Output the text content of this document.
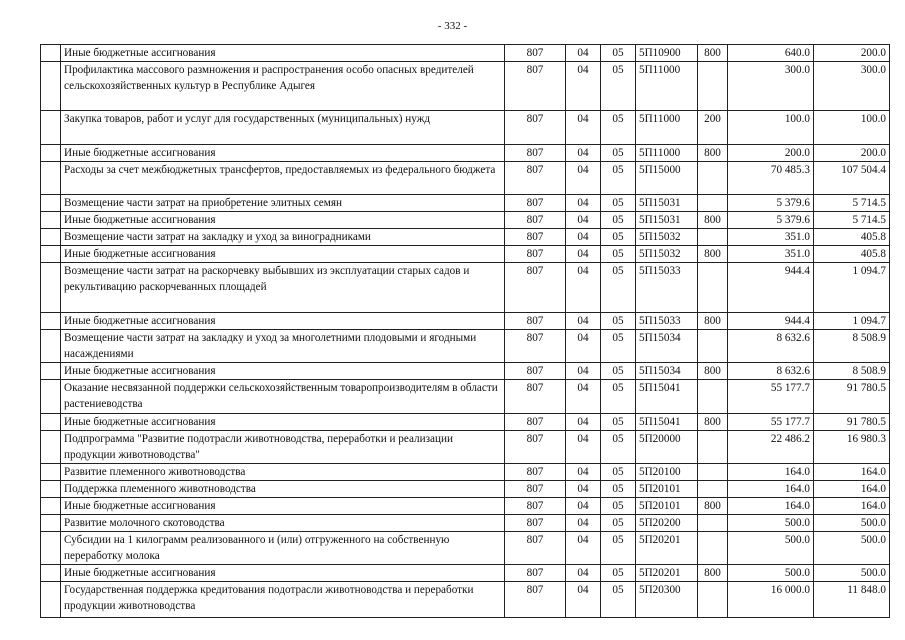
- 332 -
	Иные бюджетные ассигнования	807	04	05	5П10900	800	640.0	200.0
	Профилактика массового размножения и распространения особо опасных вредителей сельскохозяйственных культур в Республике Адыгея	807	04	05	5П11000		300.0	300.0
	Закупка товаров, работ и услуг для государственных (муниципальных) нужд	807	04	05	5П11000	200	100.0	100.0
	Иные бюджетные ассигнования	807	04	05	5П11000	800	200.0	200.0
	Расходы за счет межбюджетных трансфертов, предоставляемых из федерального бюджета	807	04	05	5П15000		70 485.3	107 504.4
	Возмещение части затрат на приобретение элитных семян	807	04	05	5П15031		5 379.6	5 714.5
	Иные бюджетные ассигнования	807	04	05	5П15031	800	5 379.6	5 714.5
	Возмещение части затрат на закладку и уход за виноградниками	807	04	05	5П15032		351.0	405.8
	Иные бюджетные ассигнования	807	04	05	5П15032	800	351.0	405.8
	Возмещение части затрат на раскорчевку выбывших из эксплуатации старых садов и рекультивацию раскорчеванных площадей	807	04	05	5П15033		944.4	1 094.7
	Иные бюджетные ассигнования	807	04	05	5П15033	800	944.4	1 094.7
	Возмещение части затрат на закладку и уход за многолетними плодовыми и ягодными насаждениями	807	04	05	5П15034		8 632.6	8 508.9
	Иные бюджетные ассигнования	807	04	05	5П15034	800	8 632.6	8 508.9
	Оказание несвязанной поддержки сельскохозяйственным товаропроизводителям в области растениеводства	807	04	05	5П15041		55 177.7	91 780.5
	Иные бюджетные ассигнования	807	04	05	5П15041	800	55 177.7	91 780.5
	Подпрограмма "Развитие подотрасли животноводства, переработки и реализации продукции животноводства"	807	04	05	5П20000		22 486.2	16 980.3
	Развитие племенного животноводства	807	04	05	5П20100		164.0	164.0
	Поддержка племенного животноводства	807	04	05	5П20101		164.0	164.0
	Иные бюджетные ассигнования	807	04	05	5П20101	800	164.0	164.0
	Развитие молочного скотоводства	807	04	05	5П20200		500.0	500.0
	Субсидии на 1 килограмм реализованного и (или) отгруженного на собственную переработку молока	807	04	05	5П20201		500.0	500.0
	Иные бюджетные ассигнования	807	04	05	5П20201	800	500.0	500.0
	Государственная поддержка кредитования подотрасли животноводства и переработки продукции животноводства	807	04	05	5П20300		16 000.0	11 848.0
